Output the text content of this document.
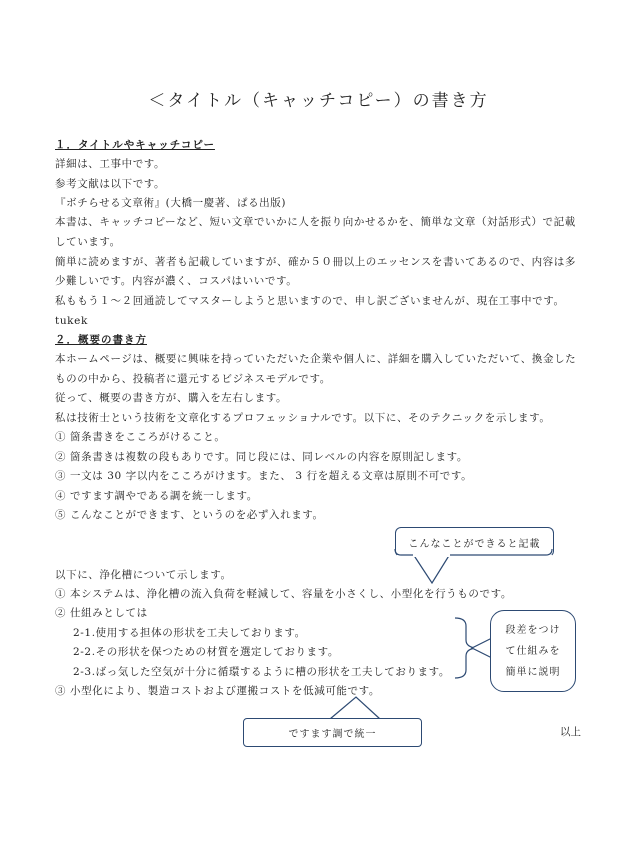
＜タイトル（キャッチコピー）の書き方
１．タイトルやキャッチコピー
詳細は、工事中です。
参考文献は以下です。
『ボチらせる文章術』(大橋一慶著、ぱる出版)
本書は、キャッチコピーなど、短い文章でいかに人を振り向かせるかを、簡単な文章（対話形式）で記載
しています。
簡単に読めますが、著者も記載していますが、確か５０冊以上のエッセンスを書いてあるので、内容は多
少難しいです。内容が濃く、コスパはいいです。
私ももう１～２回通読してマスターしようと思いますので、申し訳ございませんが、現在工事中です。
tukek
２．概要の書き方
本ホームページは、概要に興味を持っていただいた企業や個人に、詳細を購入していただいて、換金した
ものの中から、投稿者に還元するビジネスモデルです。
従って、概要の書き方が、購入を左右します。
私は技術士という技術を文章化するプロフェッショナルです。以下に、そのテクニックを示します。
① 箇条書きをこころがけること。
② 箇条書きは複数の段もありです。同じ段には、同レベルの内容を原則記します。
③ 一文は 30 字以内をこころがけます。また、 3 行を超える文章は原則不可です。
④ ですます調やである調を統一します。
⑤ こんなことができます、というのを必ず入れます。
以下に、浄化槽について示します。
① 本システムは、浄化槽の流入負荷を軽減して、容量を小さくし、小型化を行うものです。
② 仕組みとしては
2-1.使用する担体の形状を工夫しております。
2-2.その形状を保つための材質を選定しております。
2-3.ばっ気した空気が十分に循環するように槽の形状を工夫しております。
③ 小型化により、製造コストおよび運搬コストを低減可能です。
以上
こんなことができると記載
段差をつけ
て仕組みを
簡単に説明
ですます調で統一
